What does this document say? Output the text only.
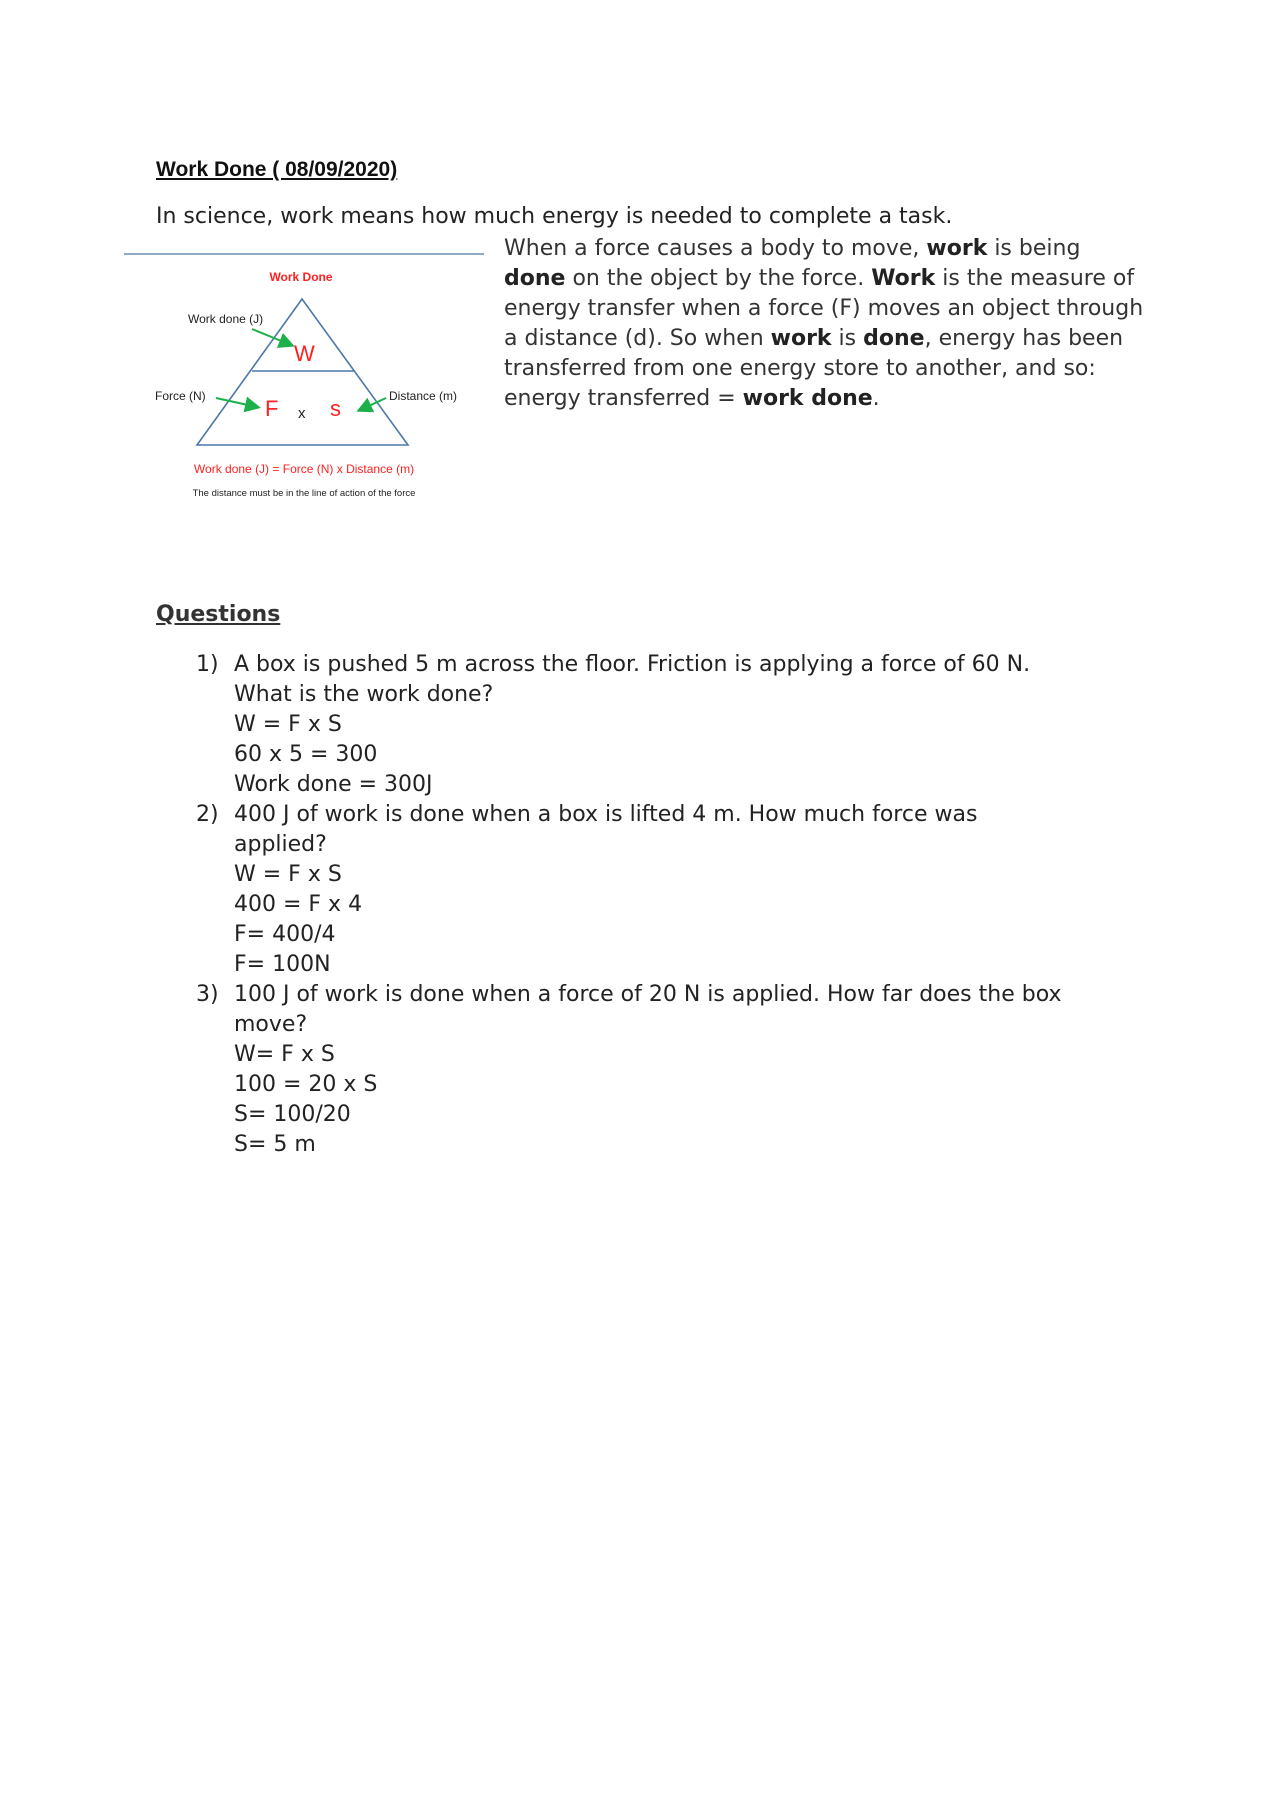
Work Done ( 08/09/2020)
In science, work means how much energy is needed to complete a task.
When a force causes a body to move, work is being done on the object by the force. Work is the measure of energy transfer when a force (F) moves an object through a distance (d). So when work is done, energy has been transferred from one energy store to another, and so: energy transferred = work done.
Work Done
Work done (J)
W
Force (N)	F x s	Distance (m)
Work done (J) = Force (N) x Distance (m)
The distance must be in the line of action of the force
Questions
1) A box is pushed 5 m across the floor. Friction is applying a force of 60 N.
What is the work done?
W = F x S
60 x 5 = 300
Work done = 300J
2) 400 J of work is done when a box is lifted 4 m. How much force was
applied?
W = F x S
400 = F x 4
F= 400/4
F= 100N
3) 100 J of work is done when a force of 20 N is applied. How far does the box
move?
W= F x S
100 = 20 x S
S= 100/20
S= 5 m
